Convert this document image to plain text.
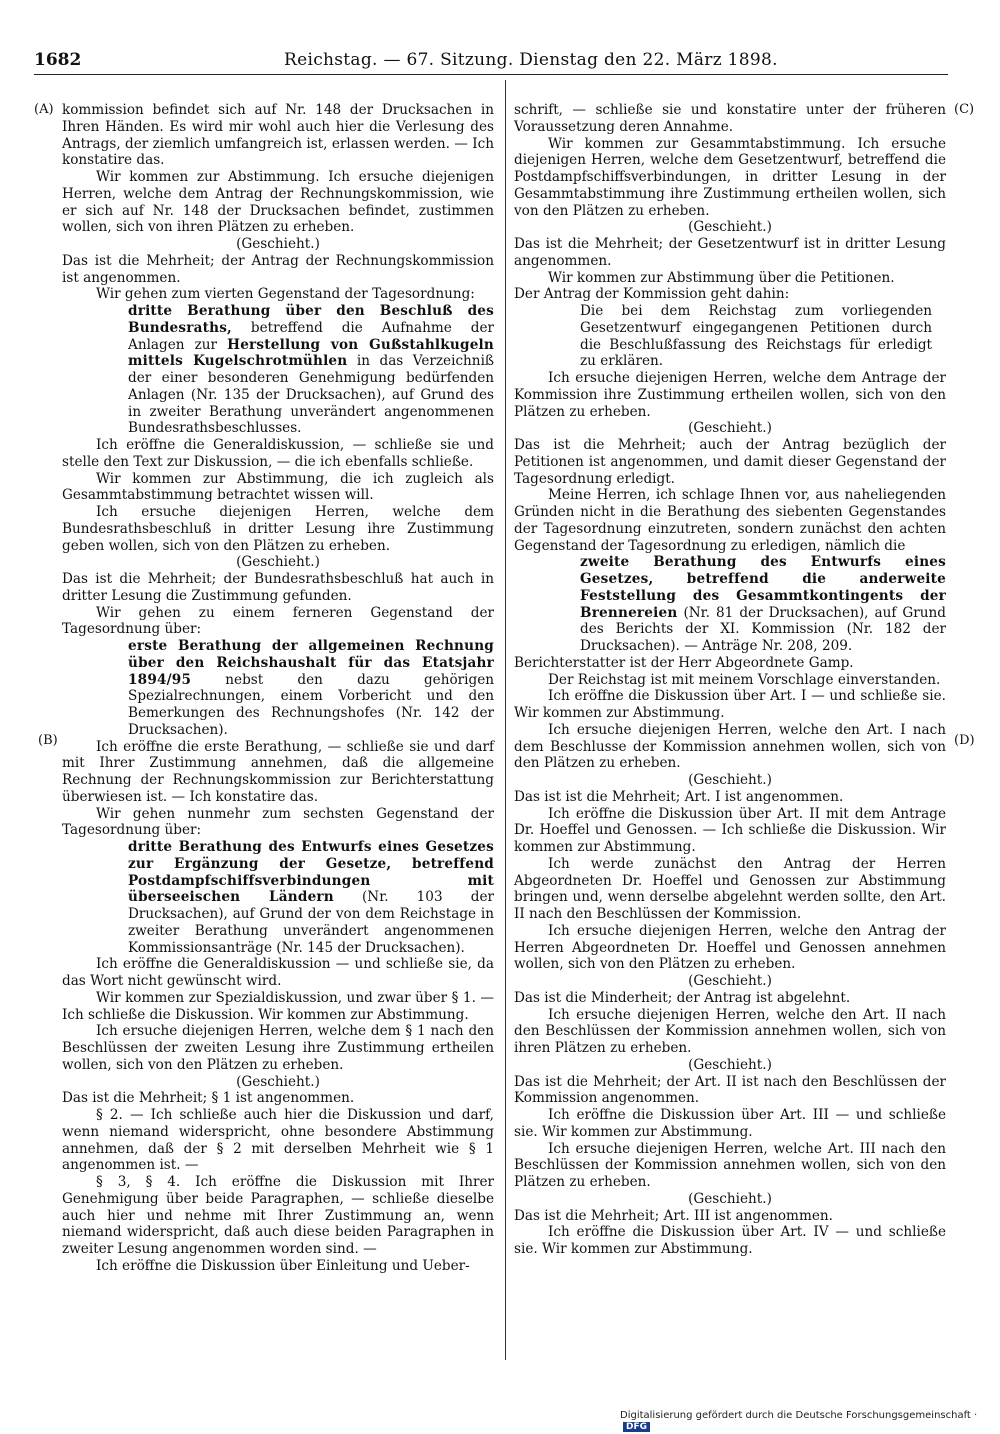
1682	Reichstag. — 67. Sitzung. Dienstag den 22. März 1898.
(A)
(B)
(C)
(D)

kommission befindet sich auf Nr. 148 der Drucksachen in Ihren Händen. Es wird mir wohl auch hier die Verlesung des Antrags, der ziemlich umfangreich ist, erlassen werden. — Ich konstatire das.

Wir kommen zur Abstimmung. Ich ersuche diejenigen Herren, welche dem Antrag der Rechnungskommission, wie er sich auf Nr. 148 der Drucksachen befindet, zustimmen wollen, sich von ihren Plätzen zu erheben.

(Geschieht.)

Das ist die Mehrheit; der Antrag der Rechnungskommission ist angenommen.

Wir gehen zum vierten Gegenstand der Tagesordnung:

dritte Berathung über den Beschluß des Bundesraths, betreffend die Aufnahme der Anlagen zur Herstellung von Gußstahlkugeln mittels Kugelschrotmühlen in das Verzeichniß der einer besonderen Genehmigung bedürfenden Anlagen (Nr. 135 der Drucksachen), auf Grund des in zweiter Berathung unverändert angenommenen Bundesrathsbeschlusses.

Ich eröffne die Generaldiskussion, — schließe sie und stelle den Text zur Diskussion, — die ich ebenfalls schließe.

Wir kommen zur Abstimmung, die ich zugleich als Gesammtabstimmung betrachtet wissen will.

Ich ersuche diejenigen Herren, welche dem Bundesrathsbeschluß in dritter Lesung ihre Zustimmung geben wollen, sich von den Plätzen zu erheben.

(Geschieht.)

Das ist die Mehrheit; der Bundesrathsbeschluß hat auch in dritter Lesung die Zustimmung gefunden.

Wir gehen zu einem ferneren Gegenstand der Tagesordnung über:

erste Berathung der allgemeinen Rechnung über den Reichshaushalt für das Etatsjahr 1894/95	nebst den dazu gehörigen Spezialrechnungen, einem Vorbericht und den Bemerkungen des Rechnungshofes (Nr. 142 der Drucksachen).

Ich eröffne die erste Berathung, — schließe sie und darf mit Ihrer Zustimmung annehmen, daß die allgemeine Rechnung der Rechnungskommission zur Berichterstattung überwiesen ist. — Ich konstatire das.

Wir gehen nunmehr zum sechsten Gegenstand der Tagesordnung über:

dritte Berathung des Entwurfs eines Gesetzes zur Ergänzung der Gesetze, betreffend Postdampfschiffsverbindungen mit überseeischen Ländern (Nr. 103 der Drucksachen), auf Grund der von dem Reichstage in zweiter Berathung unverändert angenommenen Kommissionsanträge (Nr. 145 der Drucksachen).

Ich eröffne die Generaldiskussion — und schließe sie, da das Wort nicht gewünscht wird.

Wir kommen zur Spezialdiskussion, und zwar über § 1. — Ich schließe die Diskussion. Wir kommen zur Abstimmung.

Ich ersuche diejenigen Herren, welche dem § 1 nach den Beschlüssen der zweiten Lesung ihre Zustimmung ertheilen wollen, sich von den Plätzen zu erheben.

(Geschieht.)

Das ist die Mehrheit; § 1 ist angenommen.

§ 2. — Ich schließe auch hier die Diskussion und darf, wenn niemand widerspricht, ohne besondere Abstimmung annehmen, daß der § 2 mit derselben Mehrheit wie § 1 angenommen ist. —

§ 3, § 4. Ich eröffne die Diskussion mit Ihrer Genehmigung über beide Paragraphen, — schließe dieselbe auch hier und nehme mit Ihrer Zustimmung an, wenn niemand widerspricht, daß auch diese beiden Paragraphen in zweiter Lesung angenommen worden sind. —

Ich eröffne die Diskussion über Einleitung und Ueber-

schrift, — schließe sie und konstatire unter der früheren Voraussetzung deren Annahme.

Wir kommen zur Gesammtabstimmung. Ich ersuche diejenigen Herren, welche dem Gesetzentwurf, betreffend die Postdampfschiffsverbindungen, in dritter Lesung in der Gesammtabstimmung ihre Zustimmung ertheilen wollen, sich von den Plätzen zu erheben.

(Geschieht.)

Das ist die Mehrheit; der Gesetzentwurf ist in dritter Lesung angenommen.

Wir kommen zur Abstimmung über die Petitionen.

Der Antrag der Kommission geht dahin:

Die bei dem Reichstag zum vorliegenden Gesetzentwurf eingegangenen Petitionen durch die Beschlußfassung des Reichstags für erledigt zu erklären.

Ich ersuche diejenigen Herren, welche dem Antrage der Kommission ihre Zustimmung ertheilen wollen, sich von den Plätzen zu erheben.

(Geschieht.)

Das ist die Mehrheit; auch der Antrag bezüglich der Petitionen ist angenommen, und damit dieser Gegenstand der Tagesordnung erledigt.

Meine Herren, ich schlage Ihnen vor, aus naheliegenden Gründen nicht in die Berathung des siebenten Gegenstandes der Tagesordnung einzutreten, sondern zunächst den achten Gegenstand der Tagesordnung zu erledigen, nämlich die

zweite Berathung des Entwurfs eines Gesetzes, betreffend die anderweite Feststellung des Gesammtkontingents der Brennereien (Nr. 81 der Drucksachen), auf Grund des Berichts der XI. Kommission (Nr. 182 der Drucksachen). — Anträge Nr. 208, 209.

Berichterstatter ist der Herr Abgeordnete Gamp.

Der Reichstag ist mit meinem Vorschlage einverstanden.

Ich eröffne die Diskussion über Art. I — und schließe sie. Wir kommen zur Abstimmung.

Ich ersuche diejenigen Herren, welche den Art. I nach dem Beschlusse der Kommission annehmen wollen, sich von den Plätzen zu erheben.

(Geschieht.)

Das ist ist die Mehrheit; Art. I ist angenommen.

Ich eröffne die Diskussion über Art. II mit dem Antrage Dr. Hoeffel und Genossen. — Ich schließe die Diskussion. Wir kommen zur Abstimmung.

Ich werde zunächst den Antrag der Herren Abgeordneten Dr. Hoeffel und Genossen zur Abstimmung bringen und, wenn derselbe abgelehnt werden sollte, den Art. II nach den Beschlüssen der Kommission.

Ich ersuche diejenigen Herren, welche den Antrag der Herren Abgeordneten Dr. Hoeffel und Genossen annehmen wollen, sich von den Plätzen zu erheben.

(Geschieht.)

Das ist die Minderheit; der Antrag ist abgelehnt.

Ich ersuche diejenigen Herren, welche den Art. II nach den Beschlüssen der Kommission annehmen wollen, sich von ihren Plätzen zu erheben.

(Geschieht.)

Das ist die Mehrheit; der Art. II ist nach den Beschlüssen der Kommission angenommen.

Ich eröffne die Diskussion über Art. III — und schließe sie. Wir kommen zur Abstimmung.

Ich ersuche diejenigen Herren, welche Art. III nach den Beschlüssen der Kommission annehmen wollen, sich von den Plätzen zu erheben.

(Geschieht.)

Das ist die Mehrheit; Art. III ist angenommen.

Ich eröffne die Diskussion über Art. IV — und schließe sie. Wir kommen zur Abstimmung.

Digitalisierung gefördert durch die Deutsche Forschungsgemeinschaft ·DFG
